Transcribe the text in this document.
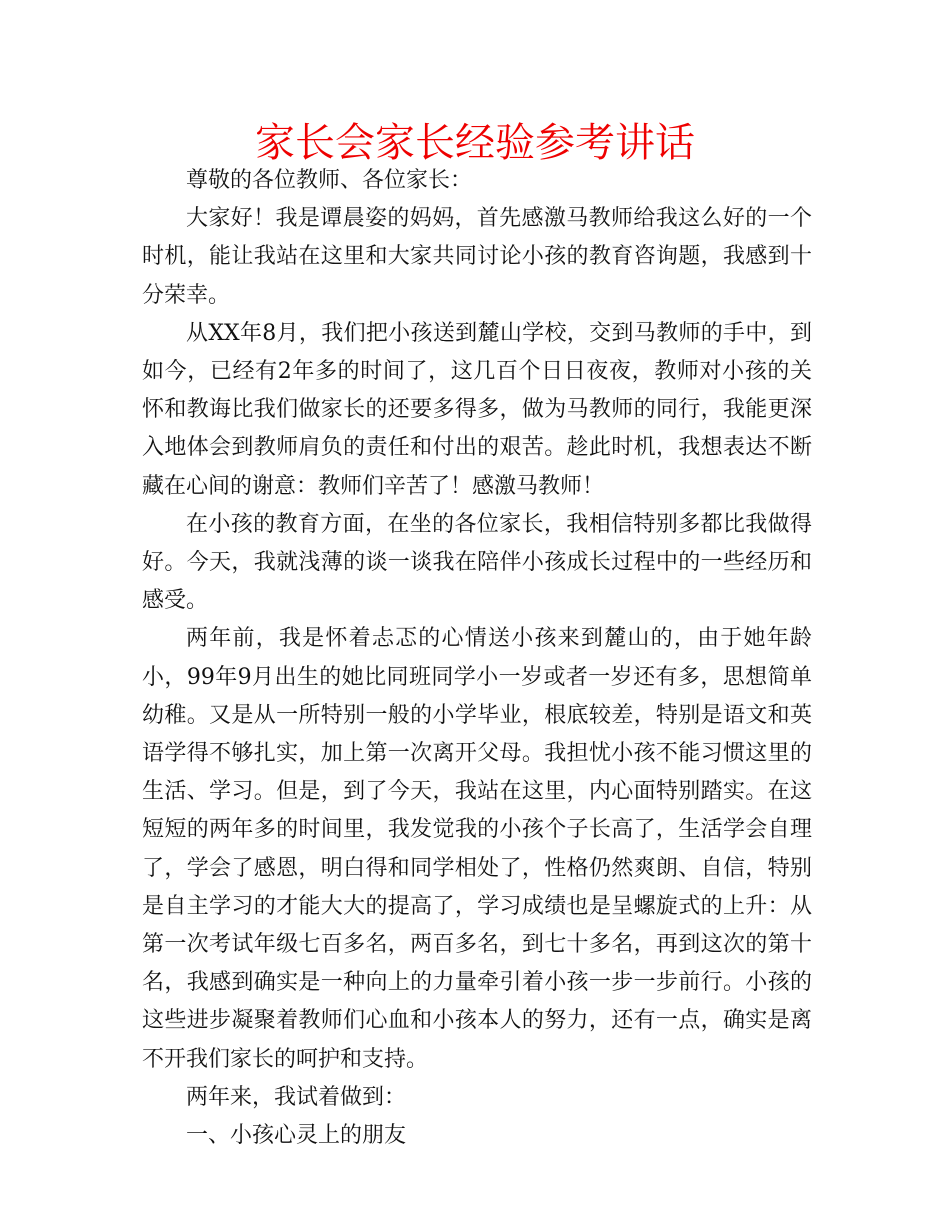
家长会家长经验参考讲话

尊敬的各位教师、各位家长：

大家好！我是谭晨姿的妈妈，首先感激马教师给我这么好的一个时机，能让我站在这里和大家共同讨论小孩的教育咨询题，我感到十分荣幸。

从XX年8月，我们把小孩送到麓山学校，交到马教师的手中，到如今，已经有2年多的时间了，这几百个日日夜夜，教师对小孩的关怀和教诲比我们做家长的还要多得多，做为马教师的同行，我能更深入地体会到教师肩负的责任和付出的艰苦。趁此时机，我想表达不断藏在心间的谢意：教师们辛苦了！感激马教师！

在小孩的教育方面，在坐的各位家长，我相信特别多都比我做得好。今天，我就浅薄的谈一谈我在陪伴小孩成长过程中的一些经历和感受。

两年前，我是怀着忐忑的心情送小孩来到麓山的，由于她年龄小，99年9月出生的她比同班同学小一岁或者一岁还有多，思想简单幼稚。又是从一所特别一般的小学毕业，根底较差，特别是语文和英语学得不够扎实，加上第一次离开父母。我担忧小孩不能习惯这里的生活、学习。但是，到了今天，我站在这里，内心面特别踏实。在这短短的两年多的时间里，我发觉我的小孩个子长高了，生活学会自理了，学会了感恩，明白得和同学相处了，性格仍然爽朗、自信，特别是自主学习的才能大大的提高了，学习成绩也是呈螺旋式的上升：从第一次考试年级七百多名，两百多名，到七十多名，再到这次的第十名，我感到确实是一种向上的力量牵引着小孩一步一步前行。小孩的这些进步凝聚着教师们心血和小孩本人的努力，还有一点，确实是离不开我们家长的呵护和支持。

两年来，我试着做到：

一、小孩心灵上的朋友
